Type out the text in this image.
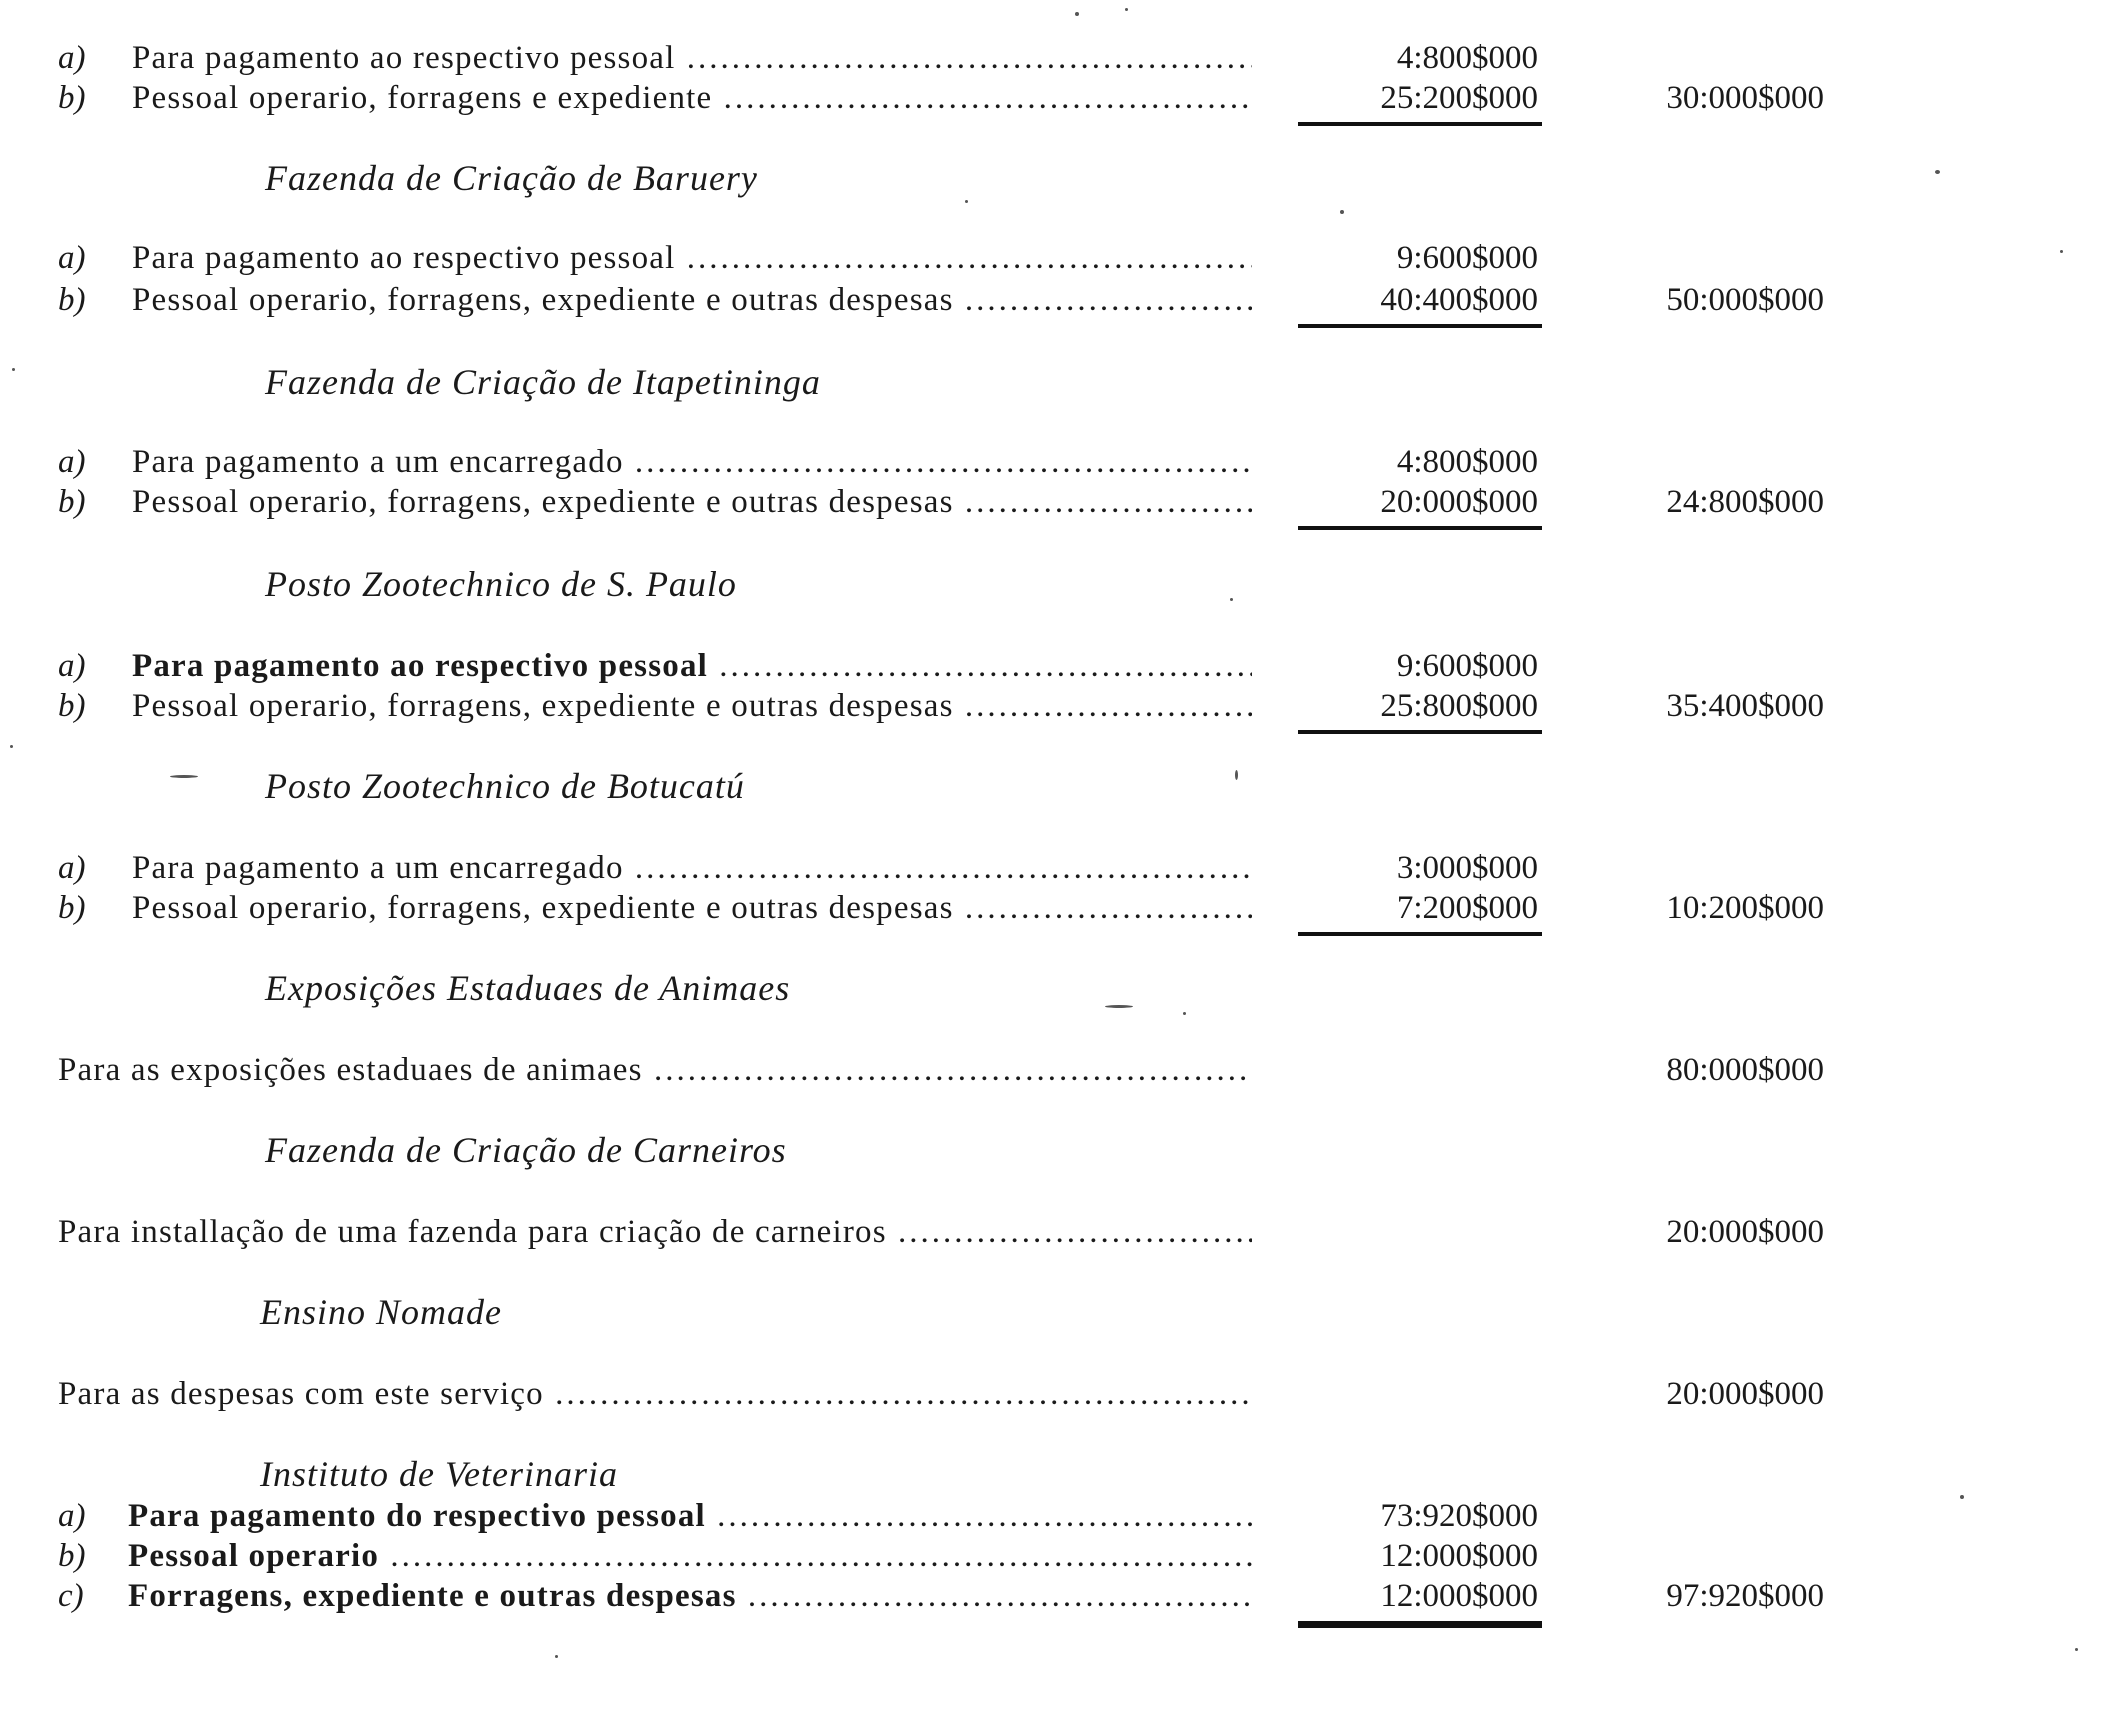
a) Para pagamento ao respectivo pessoal .....	4:800$000
b) Pessoal operario, forragens e expediente .....	25:200$000	30:000$000
Fazenda de Criação de Baruery
a) Para pagamento ao respectivo pessoal .....	9:600$000
b) Pessoal operario, forragens, expediente e outras despesas .....	40:400$000	50:000$000
Fazenda de Criação de Itapetininga
a) Para pagamento a um encarregado .....	4:800$000
b) Pessoal operario, forragens, expediente e outras despesas .....	20:000$000	24:800$000
Posto Zootechnico de S. Paulo
a) Para pagamento ao respectivo pessoal .....	9:600$000
b) Pessoal operario, forragens, expediente e outras despesas .....	25:800$000	35:400$000
Posto Zootechnico de Botucatú
a) Para pagamento a um encarregado .....	3:000$000
b) Pessoal operario, forragens, expediente e outras despesas .....	7:200$000	10:200$000
Exposições Estaduaes de Animaes
Para as exposições estaduaes de animaes .....	80:000$000
Fazenda de Criação de Carneiros
Para installação de uma fazenda para criação de carneiros .....	20:000$000
Ensino Nomade
Para as despesas com este serviço .....	20:000$000
Instituto de Veterinaria
a) Para pagamento do respectivo pessoal .....	73:920$000
b) Pessoal operario .....	12:000$000
c) Forragens, expediente e outras despesas .....	12:000$000	97:920$000
